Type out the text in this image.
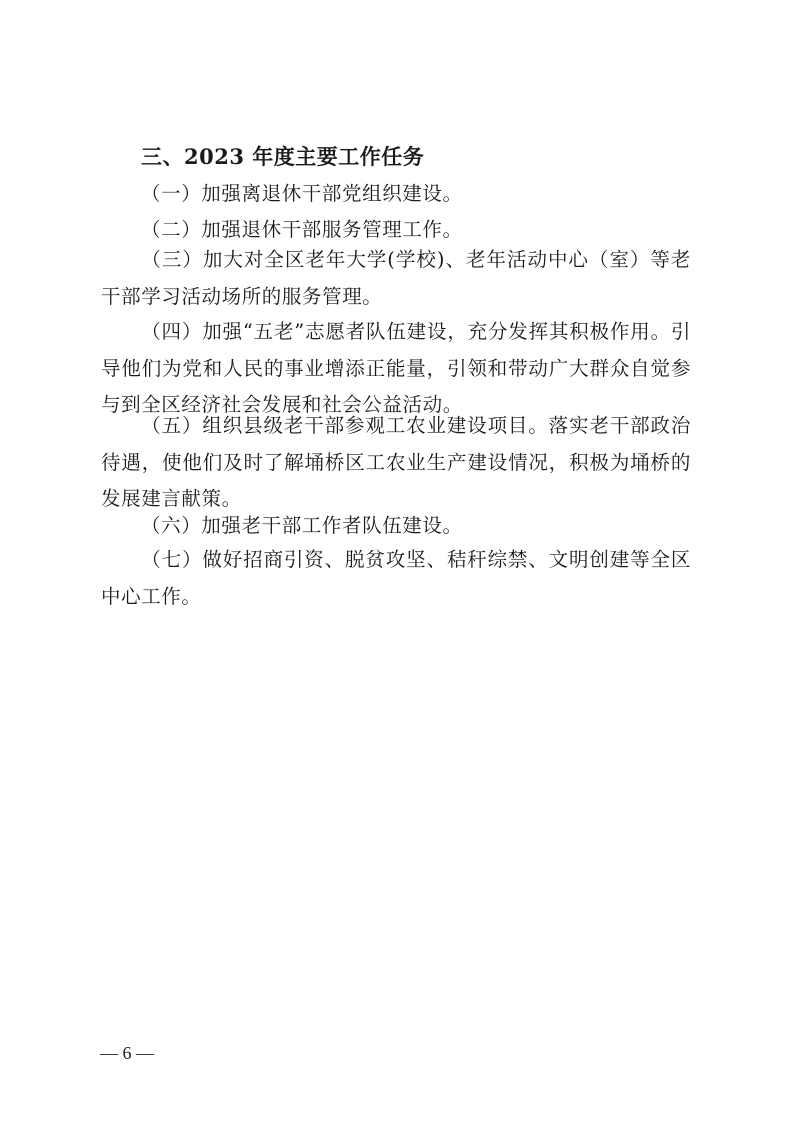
三、2023 年度主要工作任务
（一）加强离退休干部党组织建设。
（二）加强退休干部服务管理工作。
（三）加大对全区老年大学(学校)、老年活动中心（室）等老干部学习活动场所的服务管理。
（四）加强“五老”志愿者队伍建设，充分发挥其积极作用。引导他们为党和人民的事业增添正能量，引领和带动广大群众自觉参与到全区经济社会发展和社会公益活动。
（五）组织县级老干部参观工农业建设项目。落实老干部政治待遇，使他们及时了解埇桥区工农业生产建设情况，积极为埇桥的发展建言献策。
（六）加强老干部工作者队伍建设。
（七）做好招商引资、脱贫攻坚、秸秆综禁、文明创建等全区中心工作。
— 6 —
